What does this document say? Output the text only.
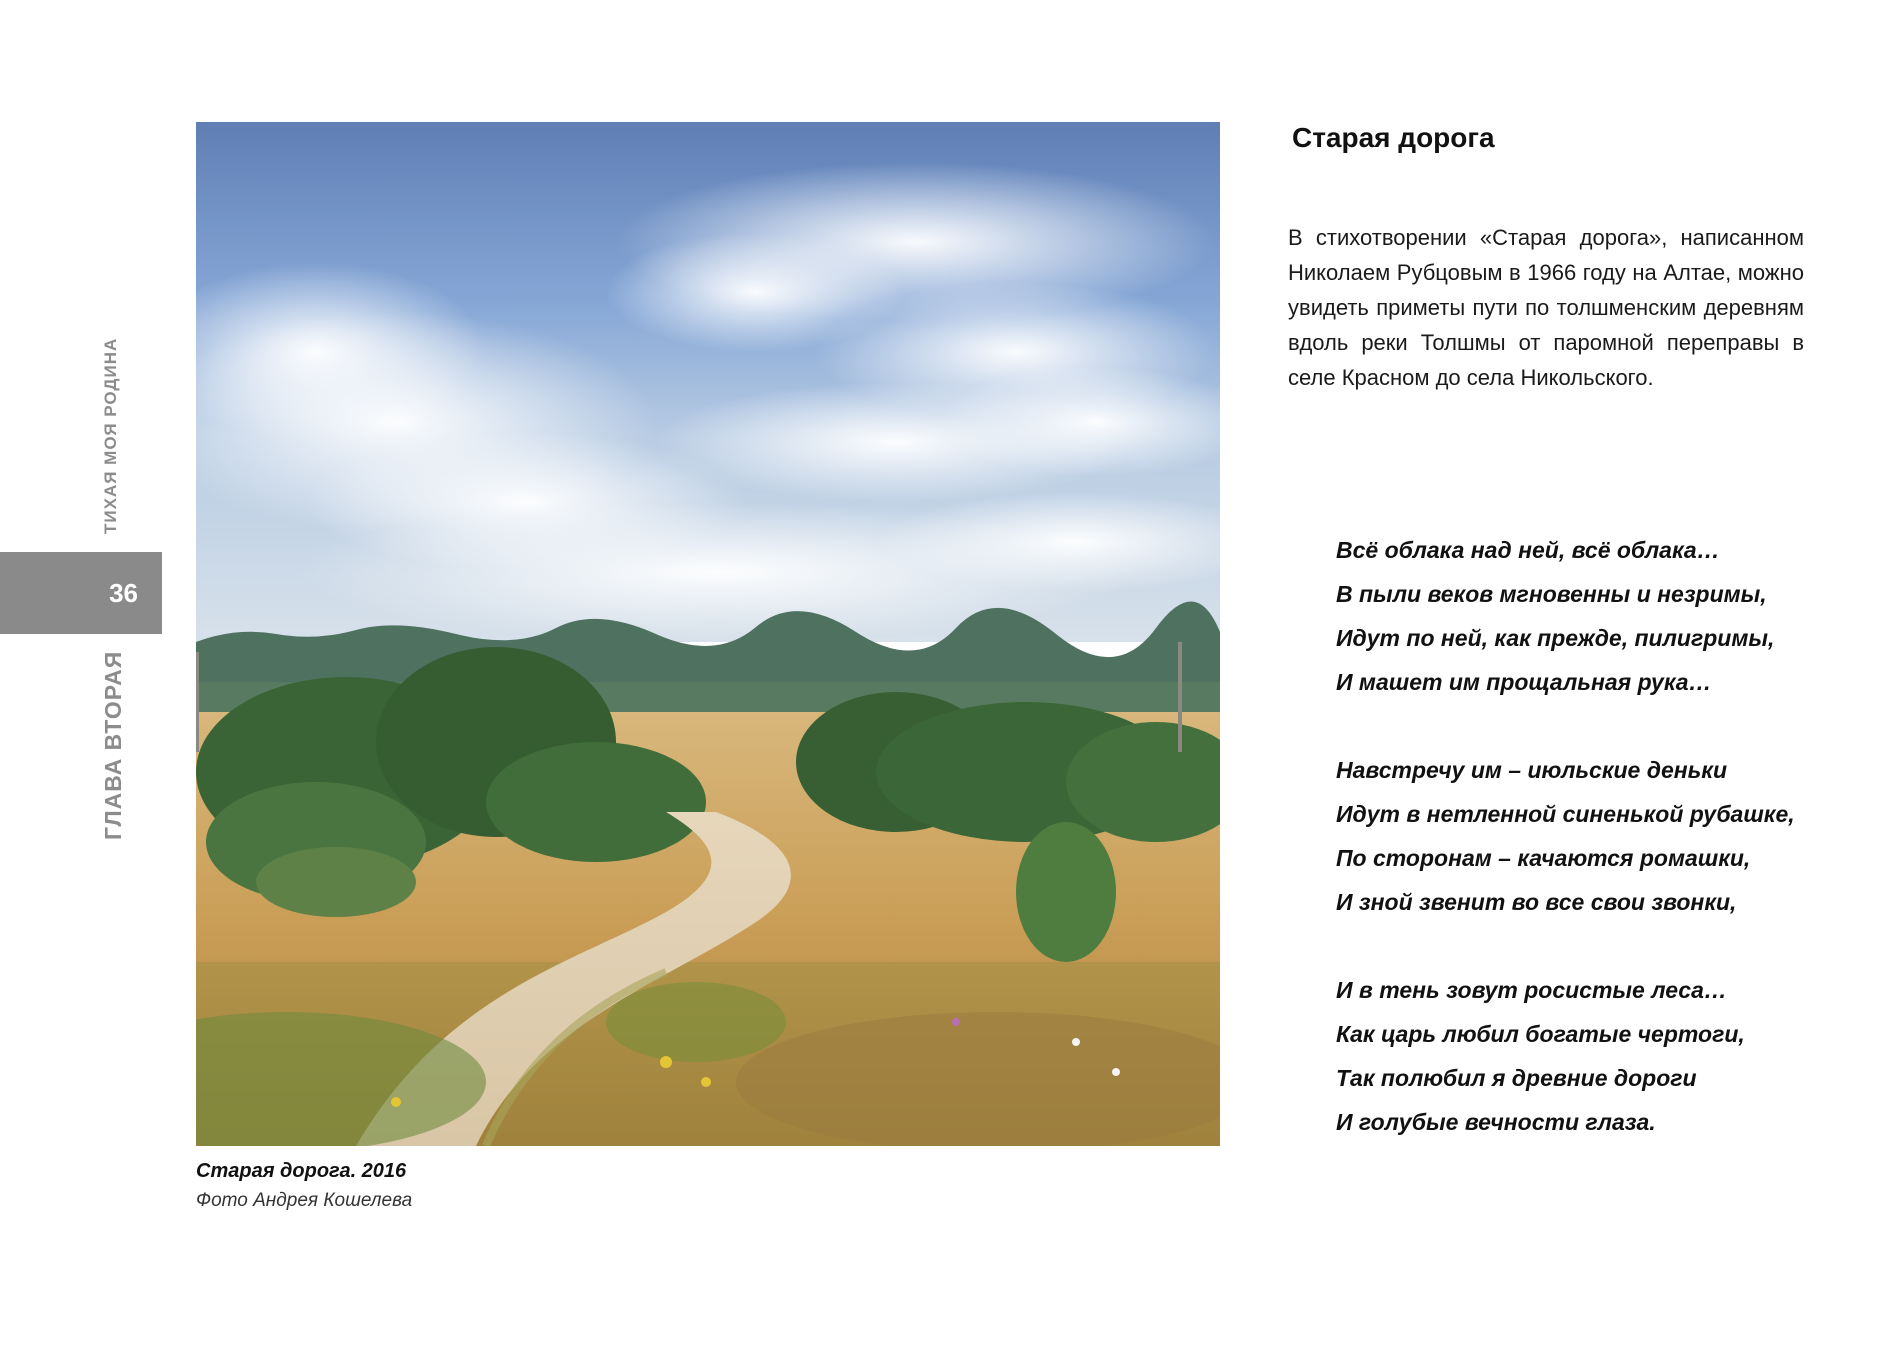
ТИХАЯ МОЯ РОДИНА
36
ГЛАВА ВТОРАЯ
Старая дорога. 2016
Фото Андрея Кошелева
Старая дорога
В стихотворении «Старая дорога», написанном Николаем Рубцовым в 1966 году на Алтае, можно увидеть приметы пути по толшменским деревням вдоль реки Толшмы от паромной переправы в селе Красном до села Никольского.
Всё облака над ней, всё облака…
В пыли веков мгновенны и незримы,
Идут по ней, как прежде, пилигримы,
И машет им прощальная рука…
Навстречу им – июльские деньки
Идут в нетленной синенькой рубашке,
По сторонам – качаются ромашки,
И зной звенит во все свои звонки,
И в тень зовут росистые леса…
Как царь любил богатые чертоги,
Так полюбил я древние дороги
И голубые вечности глаза.
